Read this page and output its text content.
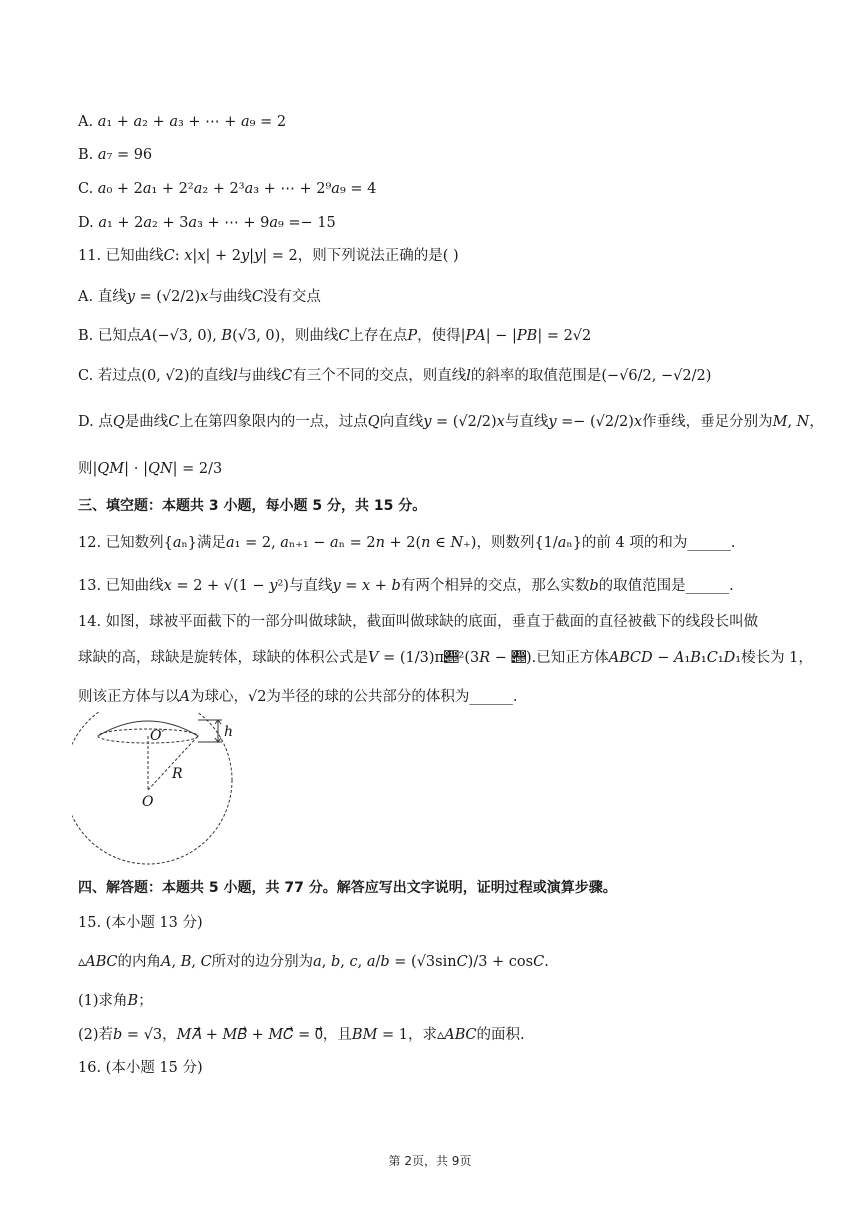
A. 𝑎₁ + 𝑎₂ + 𝑎₃ + ⋯ + 𝑎₉ = 2
B. 𝑎₇ = 96
C. 𝑎₀ + 2𝑎₁ + 2²𝑎₂ + 2³𝑎₃ + ⋯ + 2⁹𝑎₉ = 4
D. 𝑎₁ + 2𝑎₂ + 3𝑎₃ + ⋯ + 9𝑎₉ =− 15
11. 已知曲线𝐶: 𝑥|𝑥| + 2𝑦|𝑦| = 2，则下列说法正确的是( )
A. 直线𝑦 = (√2/2)𝑥与曲线𝐶没有交点
B. 已知点𝐴(−√3, 0), 𝐵(√3, 0)，则曲线𝐶上存在点𝑃，使得|𝑃𝐴| − |𝑃𝐵| = 2√2
C. 若过点(0, √2)的直线𝑙与曲线𝐶有三个不同的交点，则直线𝑙的斜率的取值范围是(−√6/2, −√2/2)
D. 点𝑄是曲线𝐶上在第四象限内的一点，过点𝑄向直线𝑦 = (√2/2)𝑥与直线𝑦 =− (√2/2)𝑥作垂线，垂足分别为𝑀, 𝑁，
则|𝑄𝑀| ⋅ |𝑄𝑁| = 2/3
三、填空题：本题共 3 小题，每小题 5 分，共 15 分。
12. 已知数列{𝑎ₙ}满足𝑎₁ = 2, 𝑎ₙ₊₁ − 𝑎ₙ = 2𝑛 + 2(𝑛 ∈ 𝑁₊)，则数列{1/𝑎ₙ}的前 4 项的和为______.
13. 已知曲线𝑥 = 2 + √(1 − 𝑦²)与直线𝑦 = 𝑥 + 𝑏有两个相异的交点，那么实数𝑏的取值范围是______.
14. 如图，球被平面截下的一部分叫做球缺，截面叫做球缺的底面，垂直于截面的直径被截下的线段长叫做
球缺的高，球缺是旋转体，球缺的体积公式是𝑉 = (1/3)π𝑕²(3𝑅 − 𝑕).已知正方体𝐴𝐵𝐶𝐷 − 𝐴₁𝐵₁𝐶₁𝐷₁棱长为 1，
则该正方体与以𝐴为球心，√2为半径的球的公共部分的体积为______.
h
O′
R
O
四、解答题：本题共 5 小题，共 77 分。解答应写出文字说明，证明过程或演算步骤。
15. (本小题 13 分)
▵𝐴𝐵𝐶的内角𝐴, 𝐵, 𝐶所对的边分别为𝑎, 𝑏, 𝑐, 𝑎/𝑏 = (√3sin𝐶)/3 + cos𝐶.
(1)求角𝐵；
(2)若𝑏 = √3，𝑀𝐴⃗ + 𝑀𝐵⃗ + 𝑀𝐶⃗ = 0⃗，且𝐵𝑀 = 1，求▵𝐴𝐵𝐶的面积.
16. (本小题 15 分)
第 2页，共 9页
